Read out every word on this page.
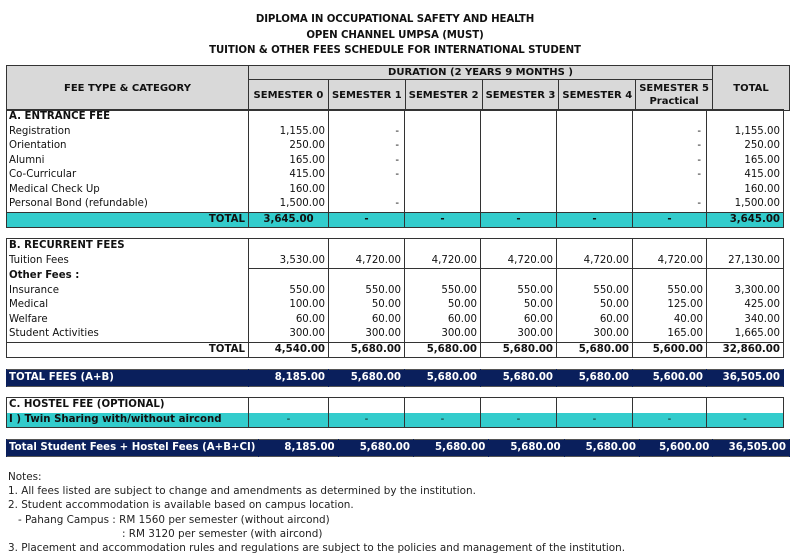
DIPLOMA IN OCCUPATIONAL SAFETY AND HEALTH
OPEN CHANNEL UMPSA (MUST)
TUITION & OTHER FEES SCHEDULE FOR INTERNATIONAL STUDENT
FEE TYPE & CATEGORY	DURATION (2 YEARS 9 MONTHS )						TOTAL
	SEMESTER 0	SEMESTER 1	SEMESTER 2	SEMESTER 3	SEMESTER 4	SEMESTER 5
Practical	
A. ENTRANCE FEE							
Registration	1,155.00	-				-	1,155.00
Orientation	250.00	-				-	250.00
Alumni	165.00	-				-	165.00
Co-Curricular	415.00	-				-	415.00
Medical Check Up	160.00						160.00
Personal Bond (refundable)	1,500.00	-				-	1,500.00
TOTAL	3,645.00	-	-	-	-	-	3,645.00
B. RECURRENT FEES							
Tuition Fees	3,530.00	4,720.00	4,720.00	4,720.00	4,720.00	4,720.00	27,130.00
Other Fees :							
Insurance	550.00	550.00	550.00	550.00	550.00	550.00	3,300.00
Medical	100.00	50.00	50.00	50.00	50.00	125.00	425.00
Welfare	60.00	60.00	60.00	60.00	60.00	40.00	340.00
Student Activities	300.00	300.00	300.00	300.00	300.00	165.00	1,665.00
TOTAL	4,540.00	5,680.00	5,680.00	5,680.00	5,680.00	5,600.00	32,860.00
TOTAL FEES (A+B)	8,185.00	5,680.00	5,680.00	5,680.00	5,680.00	5,600.00	36,505.00
C. HOSTEL FEE (OPTIONAL)							
I ) Twin Sharing with/without aircond	-	-	-	-	-	-	-
Total Student Fees + Hostel Fees (A+B+CI)	8,185.00	5,680.00	5,680.00	5,680.00	5,680.00	5,600.00	36,505.00
Notes:
1. All fees listed are subject to change and amendments as determined by the institution.
2. Student accommodation is available based on campus location.
- Pahang Campus : RM 1560 per semester (without aircond)
: RM 3120 per semester (with aircond)
3. Placement and accommodation rules and regulations are subject to the policies and management of the institution.
